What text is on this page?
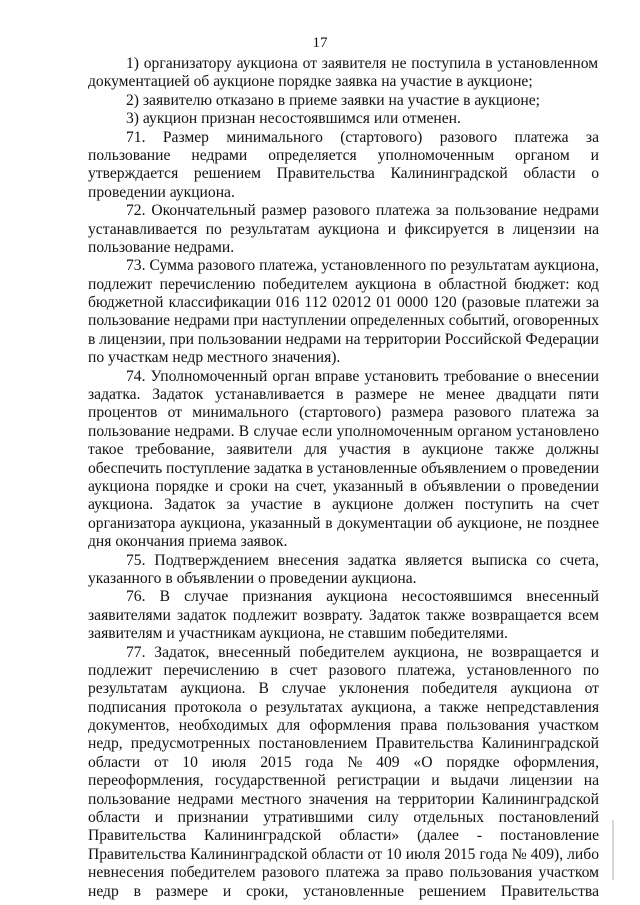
17
1) организатору аукциона от заявителя не поступила в установленном
документацией об аукционе порядке заявка на участие в аукционе;
2) заявителю отказано в приеме заявки на участие в аукционе;
3) аукцион признан несостоявшимся или отменен.
71. Размер минимального (стартового) разового платежа за
пользование недрами определяется уполномоченным органом и
утверждается решением Правительства Калининградской области о
проведении аукциона.
72. Окончательный размер разового платежа за пользование недрами
устанавливается по результатам аукциона и фиксируется в лицензии на
пользование недрами.
73. Сумма разового платежа, установленного по результатам аукциона,
подлежит перечислению победителем аукциона в областной бюджет: код
бюджетной классификации 016 112 02012 01 0000 120 (разовые платежи за
пользование недрами при наступлении определенных событий, оговоренных
в лицензии, при пользовании недрами на территории Российской Федерации
по участкам недр местного значения).
74. Уполномоченный орган вправе установить требование о внесении
задатка. Задаток устанавливается в размере не менее двадцати пяти
процентов от минимального (стартового) размера разового платежа за
пользование недрами. В случае если уполномоченным органом установлено
такое требование, заявители для участия в аукционе также должны
обеспечить поступление задатка в установленные объявлением о проведении
аукциона порядке и сроки на счет, указанный в объявлении о проведении
аукциона. Задаток за участие в аукционе должен поступить на счет
организатора аукциона, указанный в документации об аукционе, не позднее
дня окончания приема заявок.
75. Подтверждением внесения задатка является выписка со счета,
указанного в объявлении о проведении аукциона.
76. В случае признания аукциона несостоявшимся внесенный
заявителями задаток подлежит возврату. Задаток также возвращается всем
заявителям и участникам аукциона, не ставшим победителями.
77. Задаток, внесенный победителем аукциона, не возвращается и
подлежит перечислению в счет разового платежа, установленного по
результатам аукциона. В случае уклонения победителя аукциона от
подписания протокола о результатах аукциона, а также непредставления
документов, необходимых для оформления права пользования участком
недр, предусмотренных постановлением Правительства Калининградской
области от 10 июля 2015 года № 409 «О порядке оформления,
переоформления, государственной регистрации и выдачи лицензии на
пользование недрами местного значения на территории Калининградской
области и признании утратившими силу отдельных постановлений
Правительства Калининградской области» (далее - постановление
Правительства Калининградской области от 10 июля 2015 года № 409), либо
невнесения победителем разового платежа за право пользования участком
недр в размере и сроки, установленные решением Правительства
